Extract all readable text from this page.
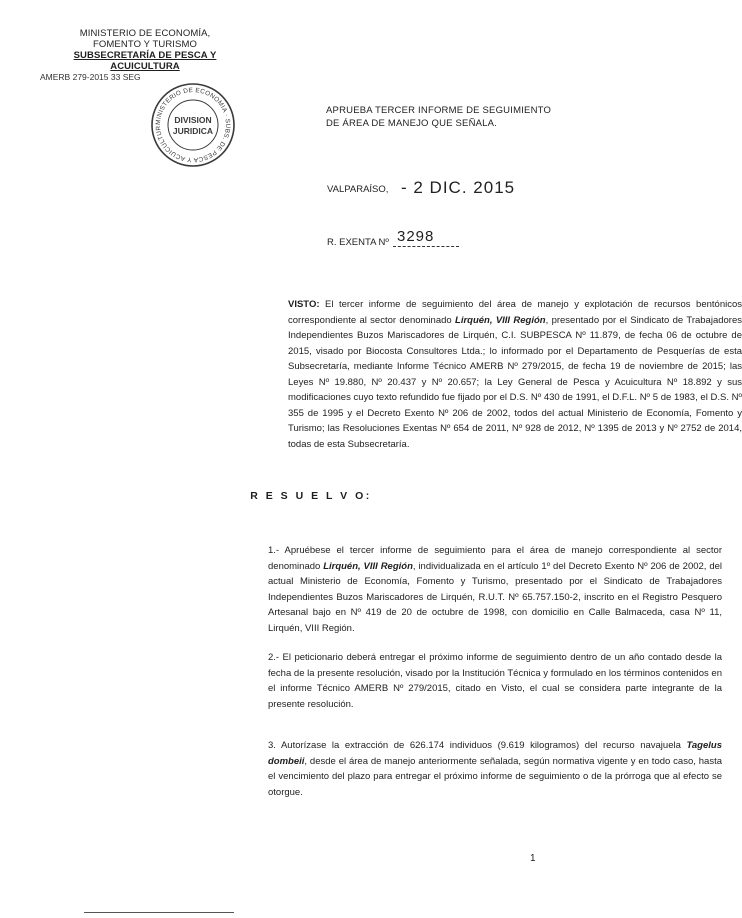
MINISTERIO DE ECONOMÍA,
FOMENTO Y TURISMO
SUBSECRETARÍA DE PESCA Y ACUICULTURA
AMERB 279-2015 33 SEG
MINISTERIO DE ECONOMIA · SUBS. DE PESCA Y ACUICULTUR
DIVISION
JURIDICA
APRUEBA TERCER INFORME DE SEGUIMIENTO DE ÁREA DE MANEJO QUE SEÑALA.
VALPARAÍSO, - 2 DIC. 2015
R. EXENTA Nº 3298
VISTO: El tercer informe de seguimiento del área de manejo y explotación de recursos bentónicos correspondiente al sector denominado Lirquén, VIII Región, presentado por el Sindicato de Trabajadores Independientes Buzos Mariscadores de Lirquén, C.I. SUBPESCA Nº 11.879, de fecha 06 de octubre de 2015, visado por Biocosta Consultores Ltda.; lo informado por el Departamento de Pesquerías de esta Subsecretaría, mediante Informe Técnico AMERB Nº 279/2015, de fecha 19 de noviembre de 2015; las Leyes Nº 19.880, Nº 20.437 y Nº 20.657; la Ley General de Pesca y Acuicultura Nº 18.892 y sus modificaciones cuyo texto refundido fue fijado por el D.S. Nº 430 de 1991, el D.F.L. Nº 5 de 1983, el D.S. Nº 355 de 1995 y el Decreto Exento Nº 206 de 2002, todos del actual Ministerio de Economía, Fomento y Turismo; las Resoluciones Exentas Nº 654 de 2011, Nº 928 de 2012, Nº 1395 de 2013 y Nº 2752 de 2014, todas de esta Subsecretaría.
R E S U E L V O:
1.- Apruébese el tercer informe de seguimiento para el área de manejo correspondiente al sector denominado Lirquén, VIII Región, individualizada en el artículo 1º del Decreto Exento Nº 206 de 2002, del actual Ministerio de Economía, Fomento y Turismo, presentado por el Sindicato de Trabajadores Independientes Buzos Mariscadores de Lirquén, R.U.T. Nº 65.757.150-2, inscrito en el Registro Pesquero Artesanal bajo en Nº 419 de 20 de octubre de 1998, con domicilio en Calle Balmaceda, casa Nº 11, Lirquén, VIII Región.
2.- El peticionario deberá entregar el próximo informe de seguimiento dentro de un año contado desde la fecha de la presente resolución, visado por la Institución Técnica y formulado en los términos contenidos en el informe Técnico AMERB Nº 279/2015, citado en Visto, el cual se considera parte integrante de la presente resolución.
3. Autorízase la extracción de 626.174 individuos (9.619 kilogramos) del recurso navajuela Tagelus dombeii, desde el área de manejo anteriormente señalada, según normativa vigente y en todo caso, hasta el vencimiento del plazo para entregar el próximo informe de seguimiento o de la prórroga que al efecto se otorgue.
1
